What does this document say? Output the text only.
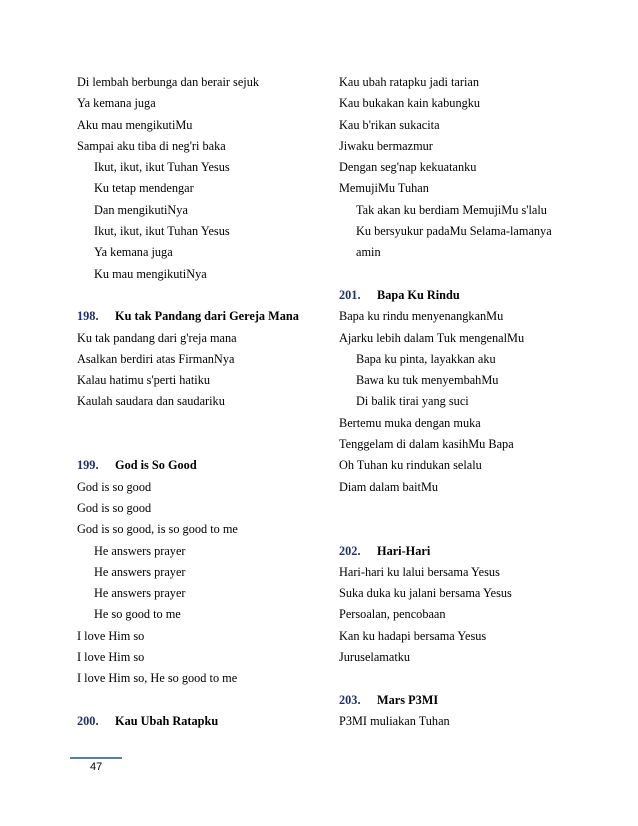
Di lembah berbunga dan berair sejuk
Ya kemana juga
Aku mau mengikutiMu
Sampai aku tiba di neg'ri baka
Ikut, ikut, ikut Tuhan Yesus
Ku tetap mendengar
Dan mengikutiNya
Ikut, ikut, ikut Tuhan Yesus
Ya kemana juga
Ku mau mengikutiNya
198. Ku tak Pandang dari Gereja Mana
Ku tak pandang dari g'reja mana
Asalkan berdiri atas FirmanNya
Kalau hatimu s'perti hatiku
Kaulah saudara dan saudariku
199. God is So Good
God is so good
God is so good
God is so good, is so good to me
He answers prayer
He answers prayer
He answers prayer
He so good to me
I love Him so
I love Him so
I love Him so, He so good to me
200. Kau Ubah Ratapku
Kau ubah ratapku jadi tarian
Kau bukakan kain kabungku
Kau b'rikan sukacita
Jiwaku bermazmur
Dengan seg'nap kekuatanku
MemujiMu Tuhan
Tak akan ku berdiam MemujiMu s'lalu
Ku bersyukur padaMu Selama-lamanya
amin
201. Bapa Ku Rindu
Bapa ku rindu menyenangkanMu
Ajarku lebih dalam Tuk mengenalMu
Bapa ku pinta, layakkan aku
Bawa ku tuk menyembahMu
Di balik tirai yang suci
Bertemu muka dengan muka
Tenggelam di dalam kasihMu Bapa
Oh Tuhan ku rindukan selalu
Diam dalam baitMu
202. Hari-Hari
Hari-hari ku lalui bersama Yesus
Suka duka ku jalani bersama Yesus
Persoalan, pencobaan
Kan ku hadapi bersama Yesus
Juruselamatku
203. Mars P3MI
P3MI muliakan Tuhan
47
